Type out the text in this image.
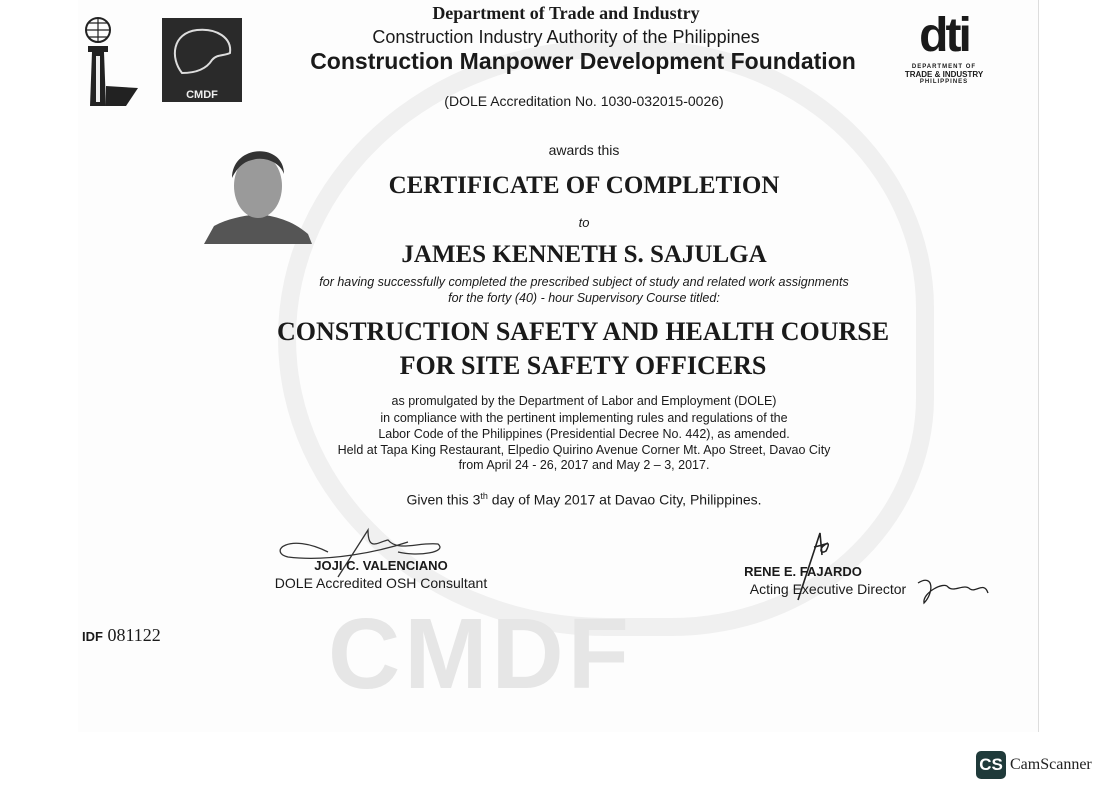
CMDF
CMDF
dti
DEPARTMENT OF
TRADE & INDUSTRY
PHILIPPINES
Department of Trade and Industry
Construction Industry Authority of the Philippines
Construction Manpower Development Foundation
(DOLE Accreditation No. 1030-032015-0026)
awards this
CERTIFICATE OF COMPLETION
to
JAMES KENNETH S. SAJULGA
for having successfully completed the prescribed subject of study and related work assignments
for the forty (40) - hour Supervisory Course titled:
CONSTRUCTION SAFETY AND HEALTH COURSE
FOR SITE SAFETY OFFICERS
as promulgated by the Department of Labor and Employment (DOLE)
in compliance with the pertinent implementing rules and regulations of the
Labor Code of the Philippines (Presidential Decree No. 442), as amended.
Held at Tapa King Restaurant, Elpedio Quirino Avenue Corner Mt. Apo Street, Davao City
from April 24 - 26, 2017 and May 2 – 3, 2017.
Given this 3th day of May 2017 at Davao City, Philippines.
JOJI C. VALENCIANO
DOLE Accredited OSH Consultant
RENE E. FAJARDO
Acting Executive Director
IDF 081122
CS CamScanner
